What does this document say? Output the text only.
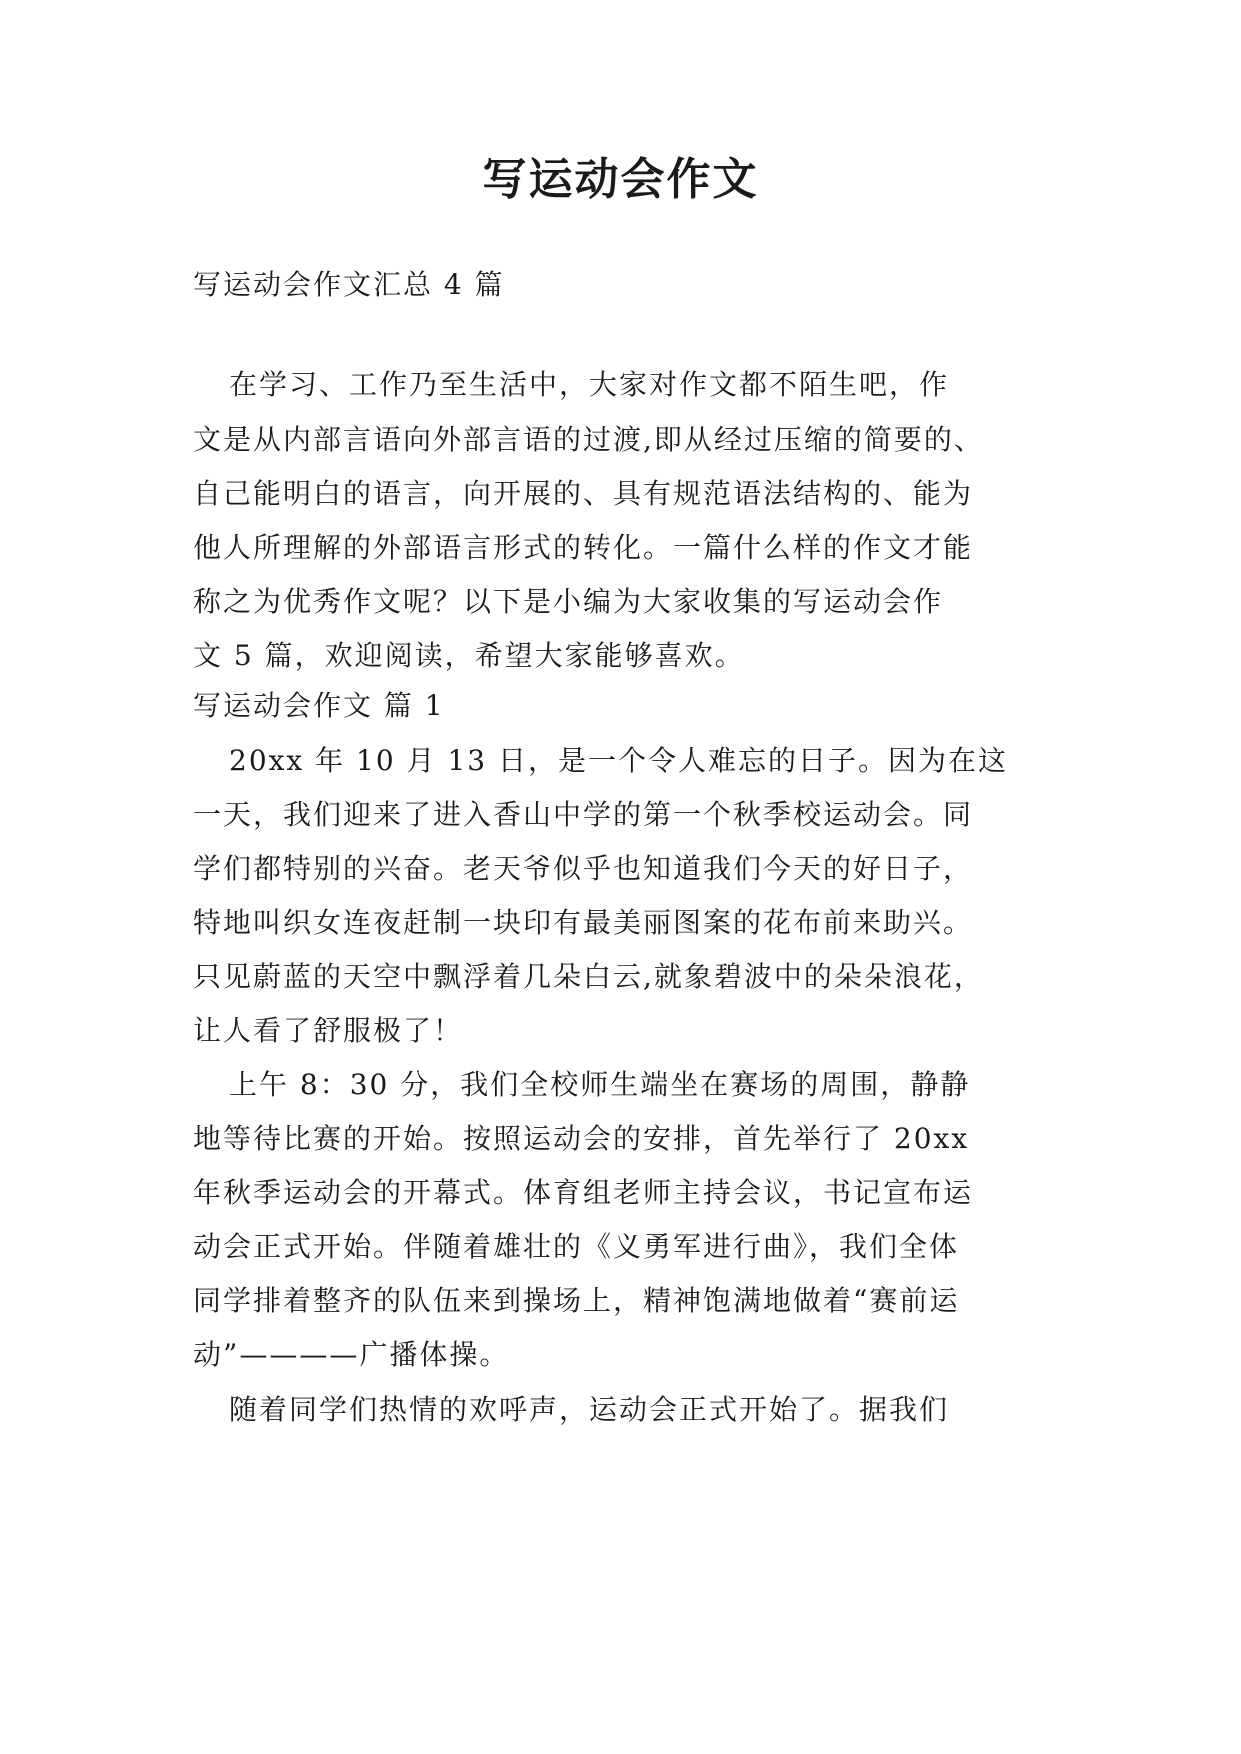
写运动会作文
写运动会作文汇总 4 篇
在学习、工作乃至生活中，大家对作文都不陌生吧，作
文是从内部言语向外部言语的过渡,即从经过压缩的简要的、
自己能明白的语言，向开展的、具有规范语法结构的、能为
他人所理解的外部语言形式的转化。一篇什么样的作文才能
称之为优秀作文呢？以下是小编为大家收集的写运动会作
文 5 篇，欢迎阅读，希望大家能够喜欢。
写运动会作文 篇 1
20xx 年 10 月 13 日，是一个令人难忘的日子。因为在这
一天，我们迎来了进入香山中学的第一个秋季校运动会。同
学们都特别的兴奋。老天爷似乎也知道我们今天的好日子，
特地叫织女连夜赶制一块印有最美丽图案的花布前来助兴。
只见蔚蓝的天空中飘浮着几朵白云,就象碧波中的朵朵浪花，
让人看了舒服极了！
上午 8：30 分，我们全校师生端坐在赛场的周围，静静
地等待比赛的开始。按照运动会的安排，首先举行了 20xx
年秋季运动会的开幕式。体育组老师主持会议，书记宣布运
动会正式开始。伴随着雄壮的《义勇军进行曲》，我们全体
同学排着整齐的队伍来到操场上，精神饱满地做着“赛前运
动”————广播体操。
随着同学们热情的欢呼声，运动会正式开始了。据我们
